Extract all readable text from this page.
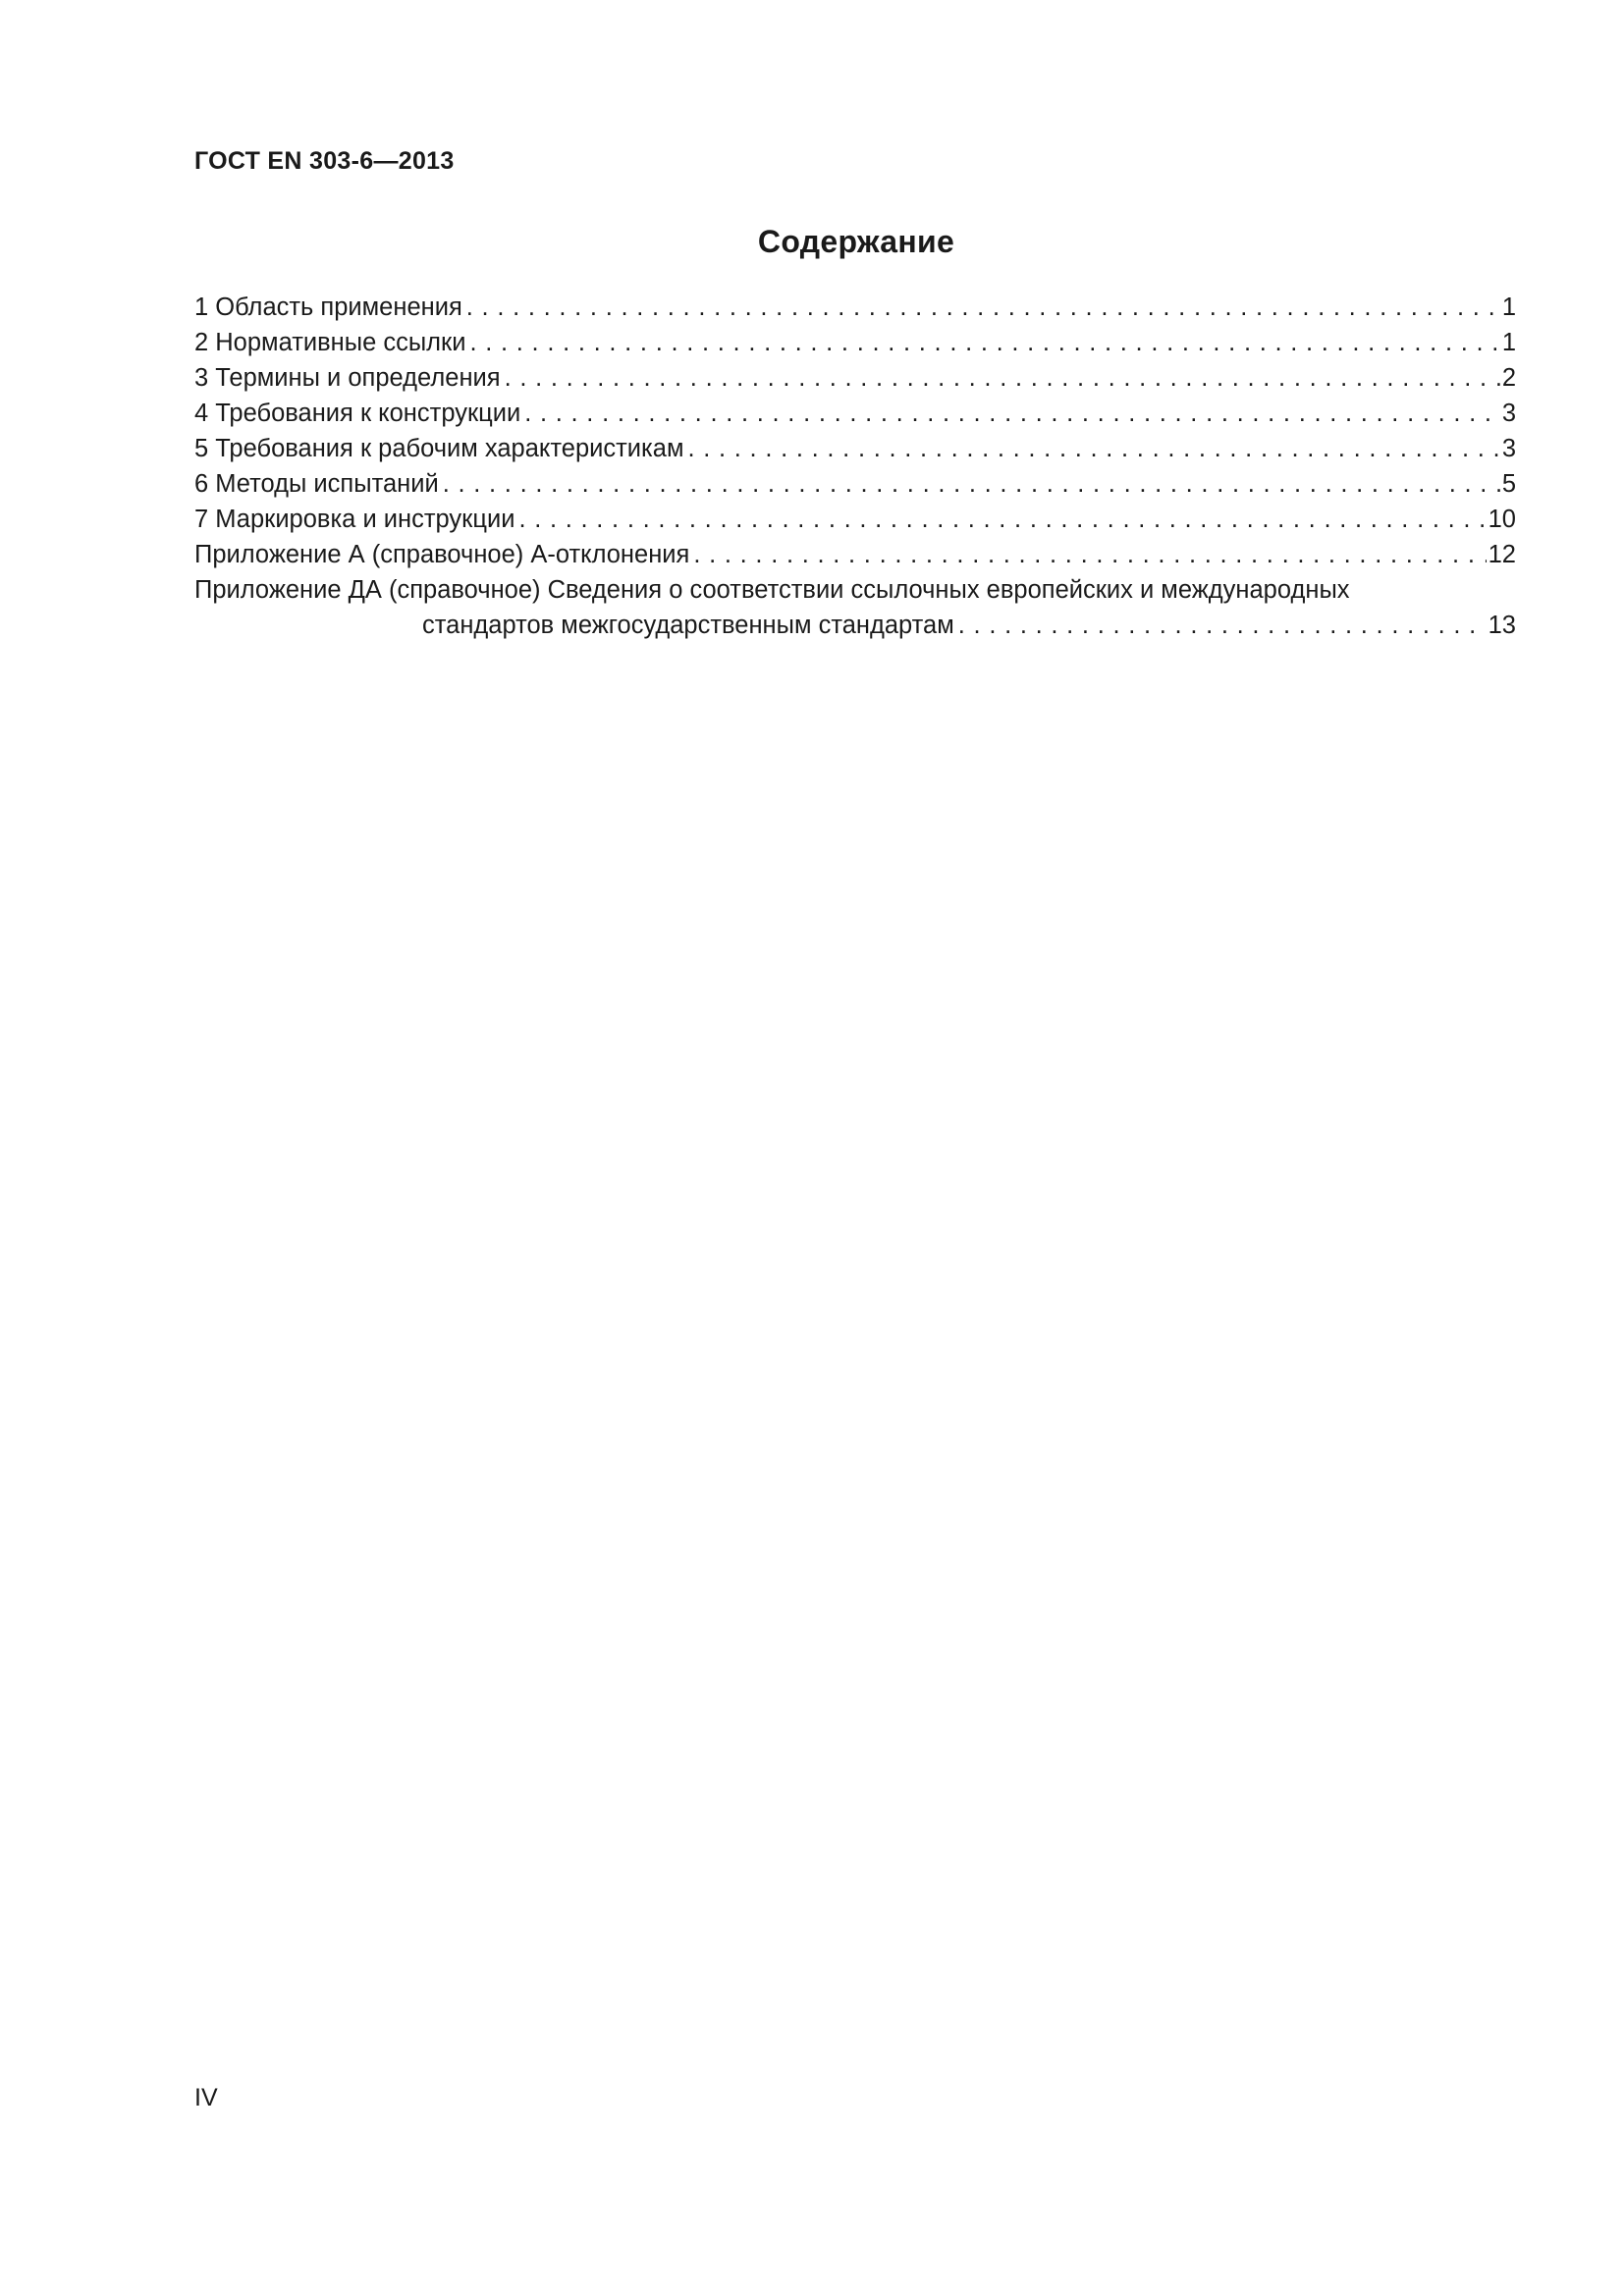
ГОСТ EN 303-6—2013
Содержание
1 Область применения . . .	1
2 Нормативные ссылки . . .	1
3 Термины и определения . . .	2
4 Требования к конструкции . . .	3
5 Требования к рабочим характеристикам . . .	3
6 Методы испытаний . . .	5
7 Маркировка и инструкции . . .	10
Приложение А (справочное) А-отклонения . . .	12
Приложение ДА (справочное) Сведения о соответствии ссылочных европейских и международных
стандартов межгосударственным стандартам . . .	13
IV
